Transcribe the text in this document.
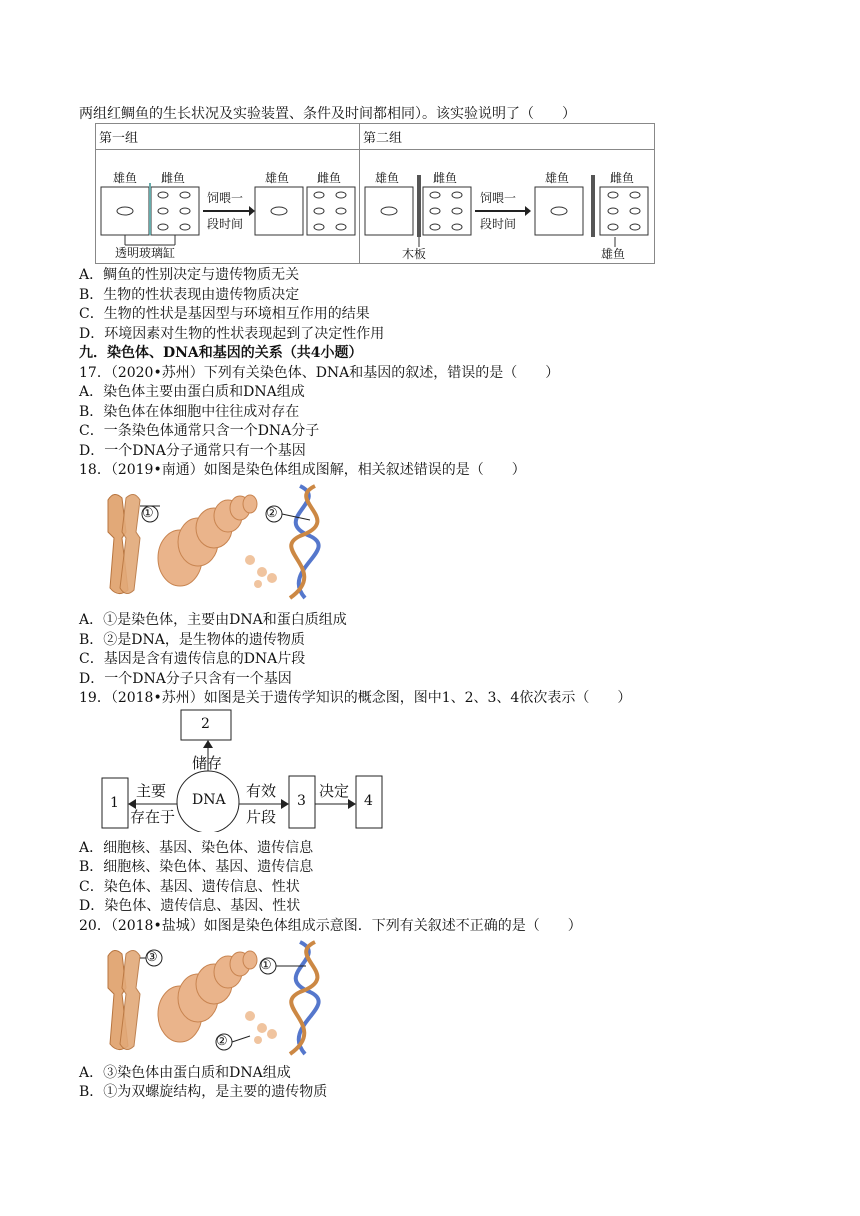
两组红鲷鱼的生长状况及实验装置、条件及时间都相同）。该实验说明了（　　）
第一组	第二组
雄鱼 雌鱼
饲喂一
段时间
雄鱼 雌鱼
透明玻璃缸
雄鱼	雌鱼
饲喂一
段时间
雄鱼	雌鱼
木板	雄鱼
A．鲷鱼的性别决定与遗传物质无关
B．生物的性状表现由遗传物质决定
C．生物的性状是基因型与环境相互作用的结果
D．环境因素对生物的性状表现起到了决定性作用
九．染色体、DNA和基因的关系（共4小题）
17．（2020•苏州）下列有关染色体、DNA和基因的叙述，错误的是（　　）
A．染色体主要由蛋白质和DNA组成
B．染色体在体细胞中往往成对存在
C．一条染色体通常只含一个DNA分子
D．一个DNA分子通常只有一个基因
18．（2019•南通）如图是染色体组成图解，相关叙述错误的是（　　）
①	②
A．①是染色体，主要由DNA和蛋白质组成
B．②是DNA，是生物体的遗传物质
C．基因是含有遗传信息的DNA片段
D．一个DNA分子只含有一个基因
19．（2018•苏州）如图是关于遗传学知识的概念图，图中1、2、3、4依次表示（　　）
2
1	3	4
DNA
储存
主要
存在于
有效
片段
决定
A．细胞核、基因、染色体、遗传信息
B．细胞核、染色体、基因、遗传信息
C．染色体、基因、遗传信息、性状
D．染色体、遗传信息、基因、性状
20．（2018•盐城）如图是染色体组成示意图．下列有关叙述不正确的是（　　）
③
①
②
A．③染色体由蛋白质和DNA组成
B．①为双螺旋结构，是主要的遗传物质
